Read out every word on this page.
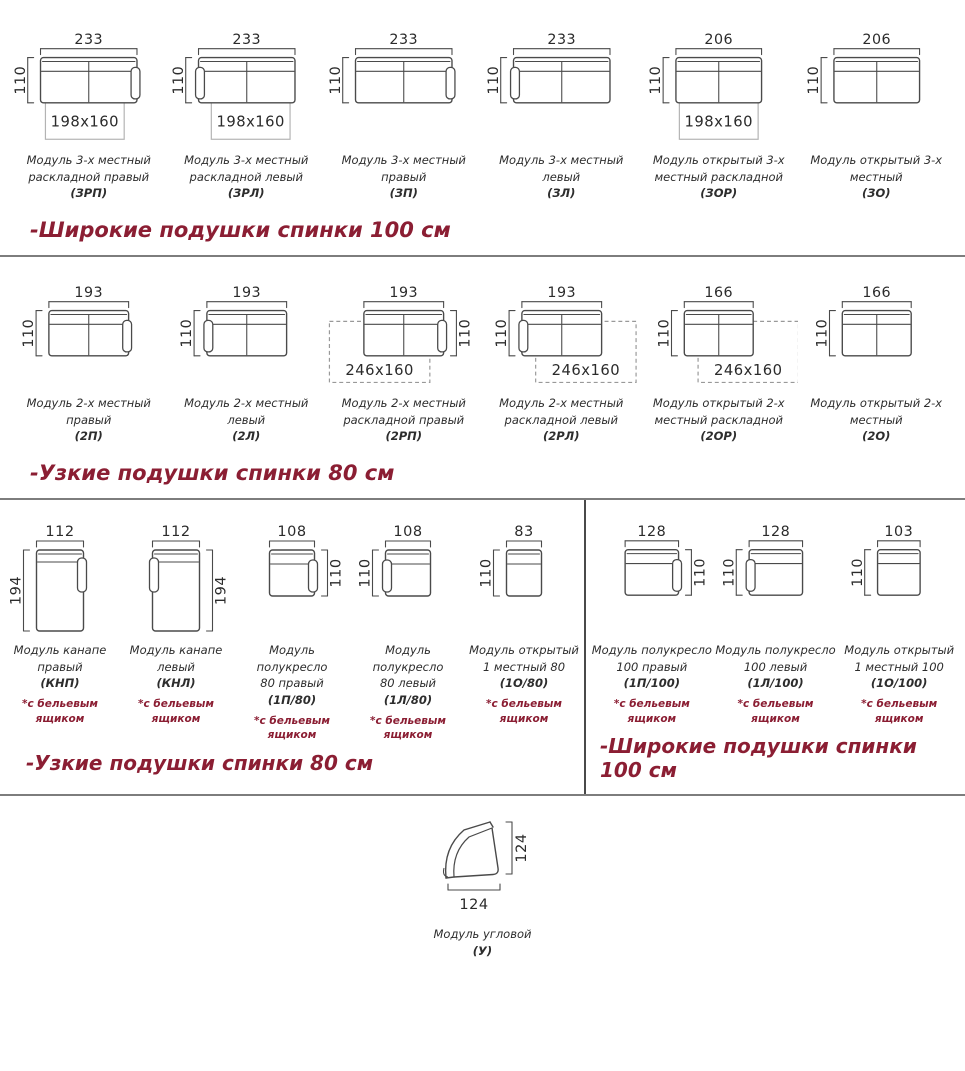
198x160
233
110
Модуль 3-х местный
раскладной правый
(ЗРП)
198x160
233
110
Модуль 3-х местный
раскладной левый
(ЗРЛ)
233
110
Модуль 3-х местный
правый
(ЗП)
233
110
Модуль 3-х местный
левый
(ЗЛ)
198x160
206
110
Модуль открытый 3-х
местный раскладной
(ЗОР)
206
110
Модуль открытый 3-х
местный
(ЗО)
-Широкие подушки спинки 100 см
193
110
Модуль 2-х местный
правый
(2П)
193
110
Модуль 2-х местный
левый
(2Л)
246x160
193
110
Модуль 2-х местный
раскладной правый
(2РП)
246x160
193
110
Модуль 2-х местный
раскладной левый
(2РЛ)
246x160
166
110
Модуль открытый 2-х
местный раскладной
(2ОР)
166
110
Модуль открытый 2-х
местный
(2О)
-Узкие подушки спинки 80 см
112
194
Модуль канапе
правый
(КНП)
*с бельевым
ящиком
112
194
Модуль канапе
левый
(КНЛ)
*с бельевым
ящиком
108
110
Модуль полукресло
80 правый
(1П/80)
*с бельевым
ящиком
108
110
Модуль полукресло
80 левый
(1Л/80)
*с бельевым
ящиком
83
110
Модуль открытый
1 местный 80
(1О/80)
*с бельевым
ящиком
-Узкие подушки спинки 80 см
128
110
Модуль полукресло
100 правый
(1П/100)
*с бельевым
ящиком
128
110
Модуль полукресло
100 левый
(1Л/100)
*с бельевым
ящиком
103
110
Модуль открытый
1 местный 100
(1О/100)
*с бельевым
ящиком
-Широкие подушки спинки 100 см
124
124
Модуль угловой
(У)
